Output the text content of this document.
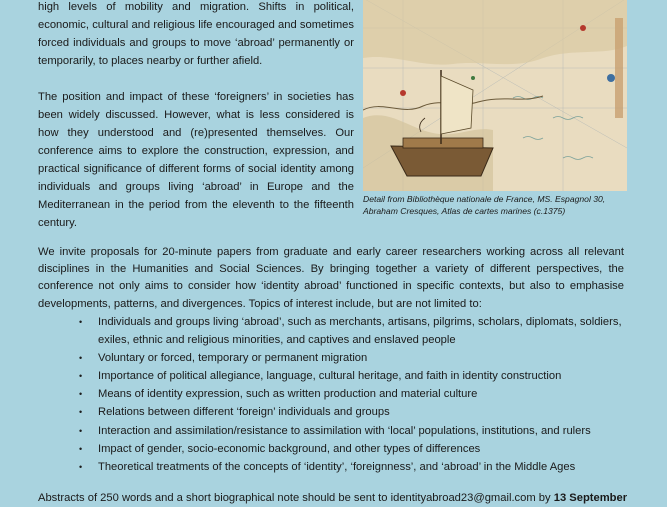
high levels of mobility and migration. Shifts in political, economic, cultural and religious life encouraged and sometimes forced individuals and groups to move ‘abroad’ permanently or temporarily, to places nearby or further afield.

The position and impact of these ‘foreigners’ in societies has been widely discussed. However, what is less considered is how they understood and (re)presented themselves. Our conference aims to explore the construction, expression, and practical significance of different forms of social identity among individuals and groups living ‘abroad’ in Europe and the Mediterranean in the period from the eleventh to the fifteenth century.

Detail from Bibliothèque nationale de France, MS. Espagnol 30,
Abraham Cresques, Atlas de cartes marines (c.1375)

We invite proposals for 20-minute papers from graduate and early career researchers working across all relevant disciplines in the Humanities and Social Sciences. By bringing together a variety of different perspectives, the conference not only aims to consider how ‘identity abroad’ functioned in specific contexts, but also to emphasise developments, patterns, and divergences. Topics of interest include, but are not limited to:

• Individuals and groups living ‘abroad’, such as merchants, artisans, pilgrims, scholars, diplomats, soldiers, exiles, ethnic and religious minorities, and captives and enslaved people
• Voluntary or forced, temporary or permanent migration
• Importance of political allegiance, language, cultural heritage, and faith in identity construction
• Means of identity expression, such as written production and material culture
• Relations between different ‘foreign’ individuals and groups
• Interaction and assimilation/resistance to assimilation with ‘local’ populations, institutions, and rulers
• Impact of gender, socio-economic background, and other types of differences
• Theoretical treatments of the concepts of ‘identity’, ‘foreignness’, and ‘abroad’ in the Middle Ages
Abstracts of 250 words and a short biographical note should be sent to identityabroad23@gmail.com by 13 September
